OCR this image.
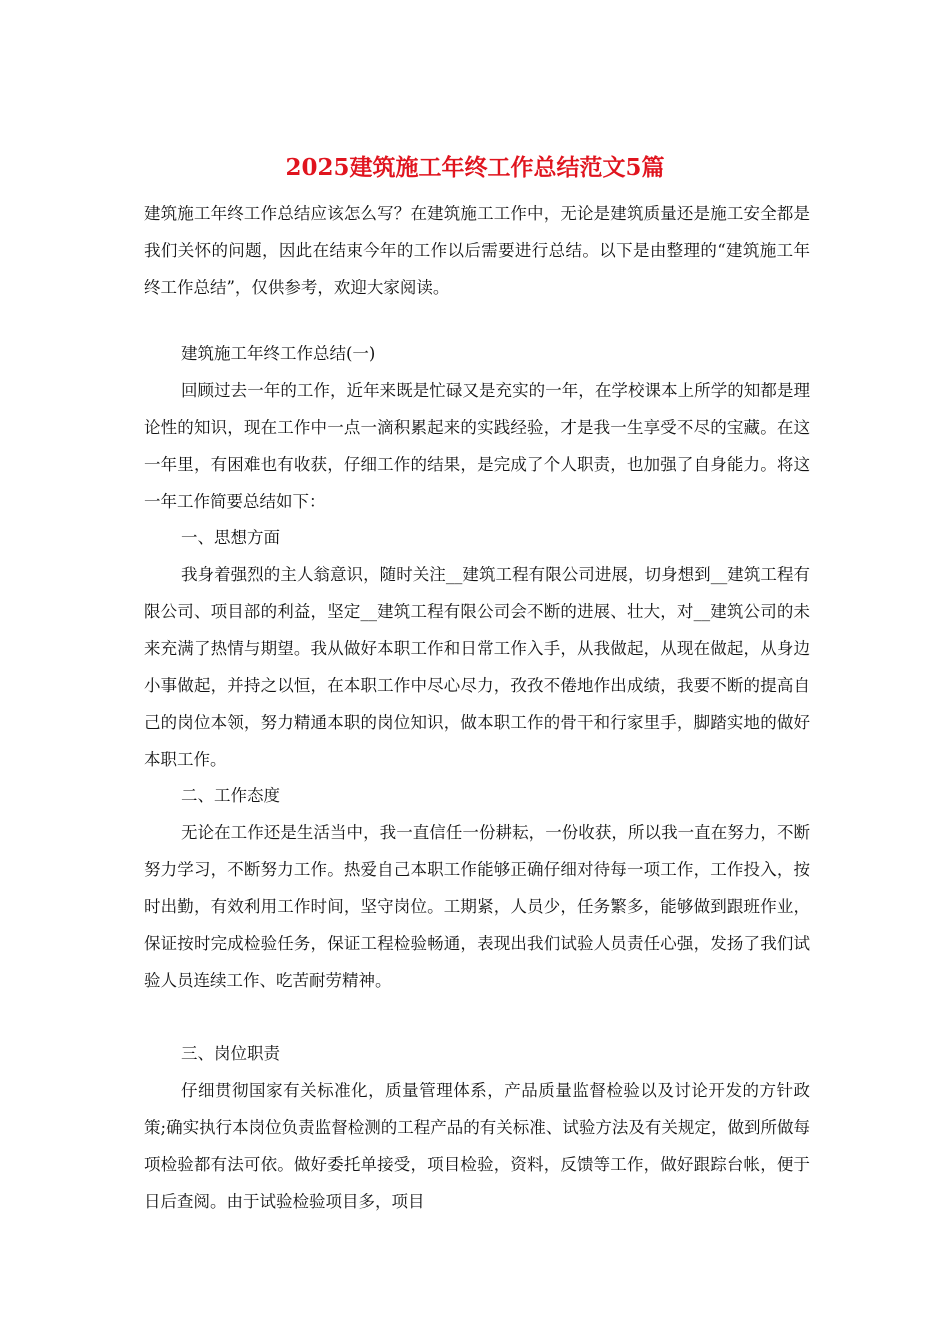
2025建筑施工年终工作总结范文5篇

建筑施工年终工作总结应该怎么写？在建筑施工工作中，无论是建筑质量还是施工安全都是我们关怀的问题，因此在结束今年的工作以后需要进行总结。以下是由整理的“建筑施工年终工作总结”，仅供参考，欢迎大家阅读。

建筑施工年终工作总结(一)

回顾过去一年的工作，近年来既是忙碌又是充实的一年，在学校课本上所学的知都是理论性的知识，现在工作中一点一滴积累起来的实践经验，才是我一生享受不尽的宝藏。在这一年里，有困难也有收获，仔细工作的结果，是完成了个人职责，也加强了自身能力。将这一年工作简要总结如下：

一、思想方面

我身着强烈的主人翁意识，随时关注__建筑工程有限公司进展，切身想到__建筑工程有限公司、项目部的利益，坚定__建筑工程有限公司会不断的进展、壮大，对__建筑公司的未来充满了热情与期望。我从做好本职工作和日常工作入手，从我做起，从现在做起，从身边小事做起，并持之以恒，在本职工作中尽心尽力，孜孜不倦地作出成绩，我要不断的提高自己的岗位本领，努力精通本职的岗位知识，做本职工作的骨干和行家里手，脚踏实地的做好本职工作。

二、工作态度

无论在工作还是生活当中，我一直信任一份耕耘，一份收获，所以我一直在努力，不断努力学习，不断努力工作。热爱自己本职工作能够正确仔细对待每一项工作，工作投入，按时出勤，有效利用工作时间，坚守岗位。工期紧，人员少，任务繁多，能够做到跟班作业，保证按时完成检验任务，保证工程检验畅通，表现出我们试验人员责任心强，发扬了我们试验人员连续工作、吃苦耐劳精神。

三、岗位职责

仔细贯彻国家有关标准化，质量管理体系，产品质量监督检验以及讨论开发的方针政策;确实执行本岗位负责监督检测的工程产品的有关标准、试验方法及有关规定，做到所做每项检验都有法可依。做好委托单接受，项目检验，资料，反馈等工作，做好跟踪台帐，便于日后查阅。由于试验检验项目多，项目
